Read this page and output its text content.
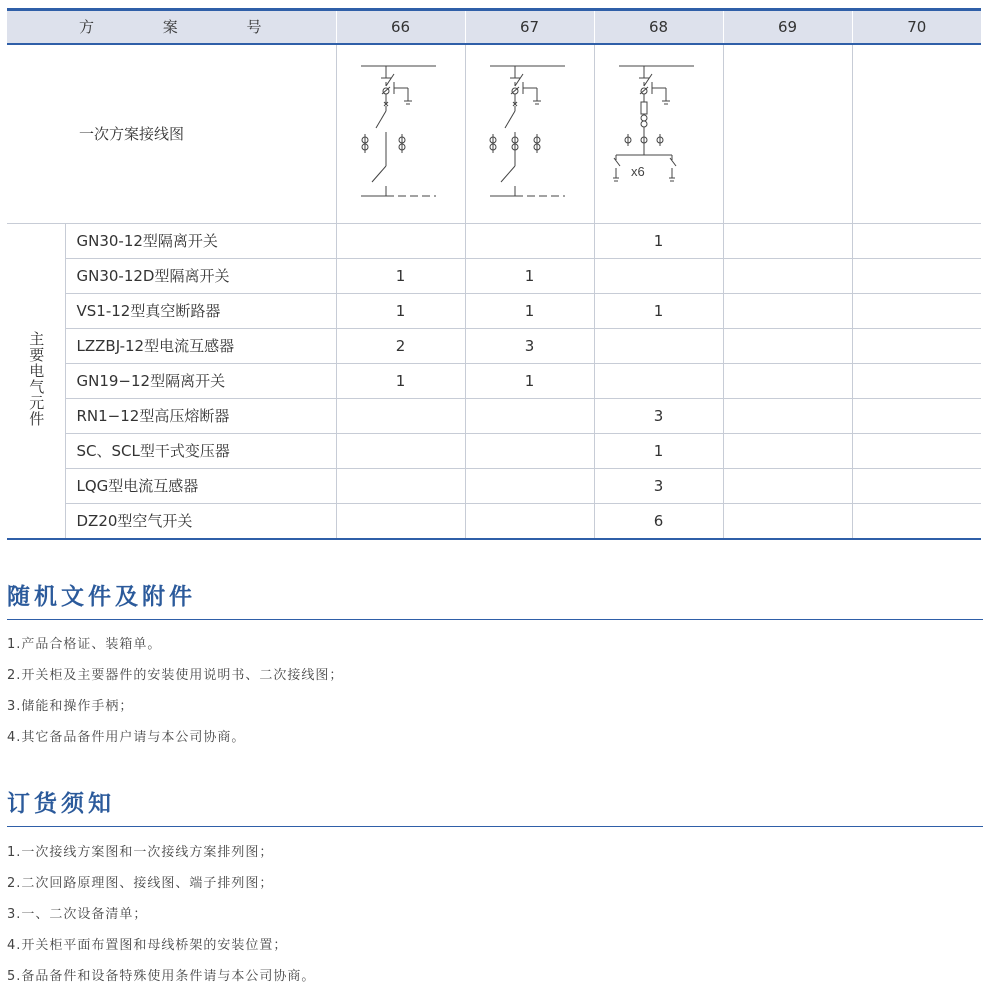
方 案 号		66	67	68	69	70
一次方案接线图				x6		

主要电气元件	GN30-12型隔离开关			1		
	GN30-12D型隔离开关	1	1			
	VS1-12型真空断路器	1	1	1		
	LZZBJ-12型电流互感器	2	3			
	GN19−12型隔离开关	1	1			
	RN1−12型高压熔断器			3		
	SC、SCL型干式变压器			1		
	LQG型电流互感器			3		
	DZ20型空气开关			6		
随机文件及附件
1.产品合格证、装箱单。
2.开关柜及主要器件的安装使用说明书、二次接线图；
3.储能和操作手柄；
4.其它备品备件用户请与本公司协商。
订货须知
1.一次接线方案图和一次接线方案排列图；
2.二次回路原理图、接线图、端子排列图；
3.一、二次设备清单；
4.开关柜平面布置图和母线桥架的安装位置；
5.备品备件和设备特殊使用条件请与本公司协商。
